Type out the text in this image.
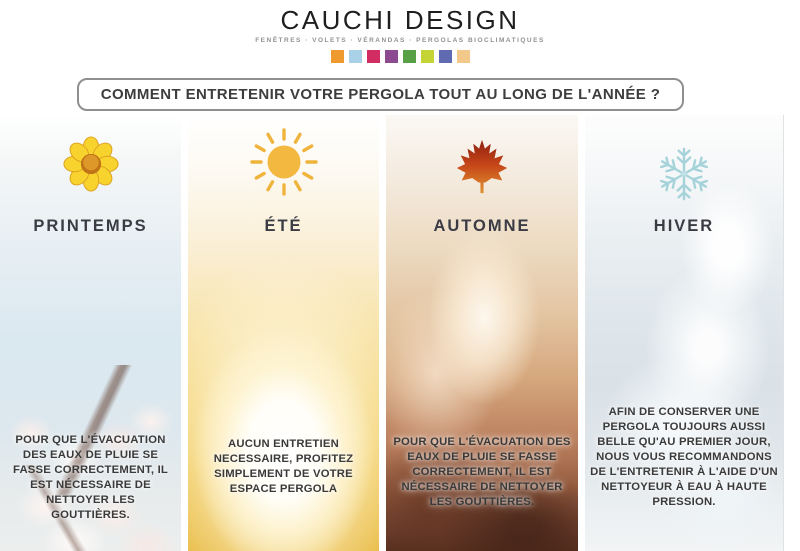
CAUCHI DESIGN
FENÊTRES · VOLETS · VÉRANDAS · PERGOLAS BIOCLIMATIQUES
COMMENT ENTRETENIR VOTRE PERGOLA TOUT AU LONG DE L'ANNÉE ?
PRINTEMPS

POUR QUE L'ÉVACUATION DES EAUX DE PLUIE SE FASSE CORRECTEMENT, IL EST NÉCESSAIRE DE NETTOYER LES GOUTTIÈRES.

ÉTÉ

AUCUN ENTRETIEN NECESSAIRE, PROFITEZ SIMPLEMENT DE VOTRE ESPACE PERGOLA

AUTOMNE

POUR QUE L'ÉVACUATION DES EAUX DE PLUIE SE FASSE CORRECTEMENT, IL EST NÉCESSAIRE DE NETTOYER LES GOUTTIÈRES.

HIVER

AFIN DE CONSERVER UNE PERGOLA TOUJOURS AUSSI BELLE QU'AU PREMIER JOUR, NOUS VOUS RECOMMANDONS DE L'ENTRETENIR À L'AIDE D'UN NETTOYEUR À EAU À HAUTE PRESSION.
